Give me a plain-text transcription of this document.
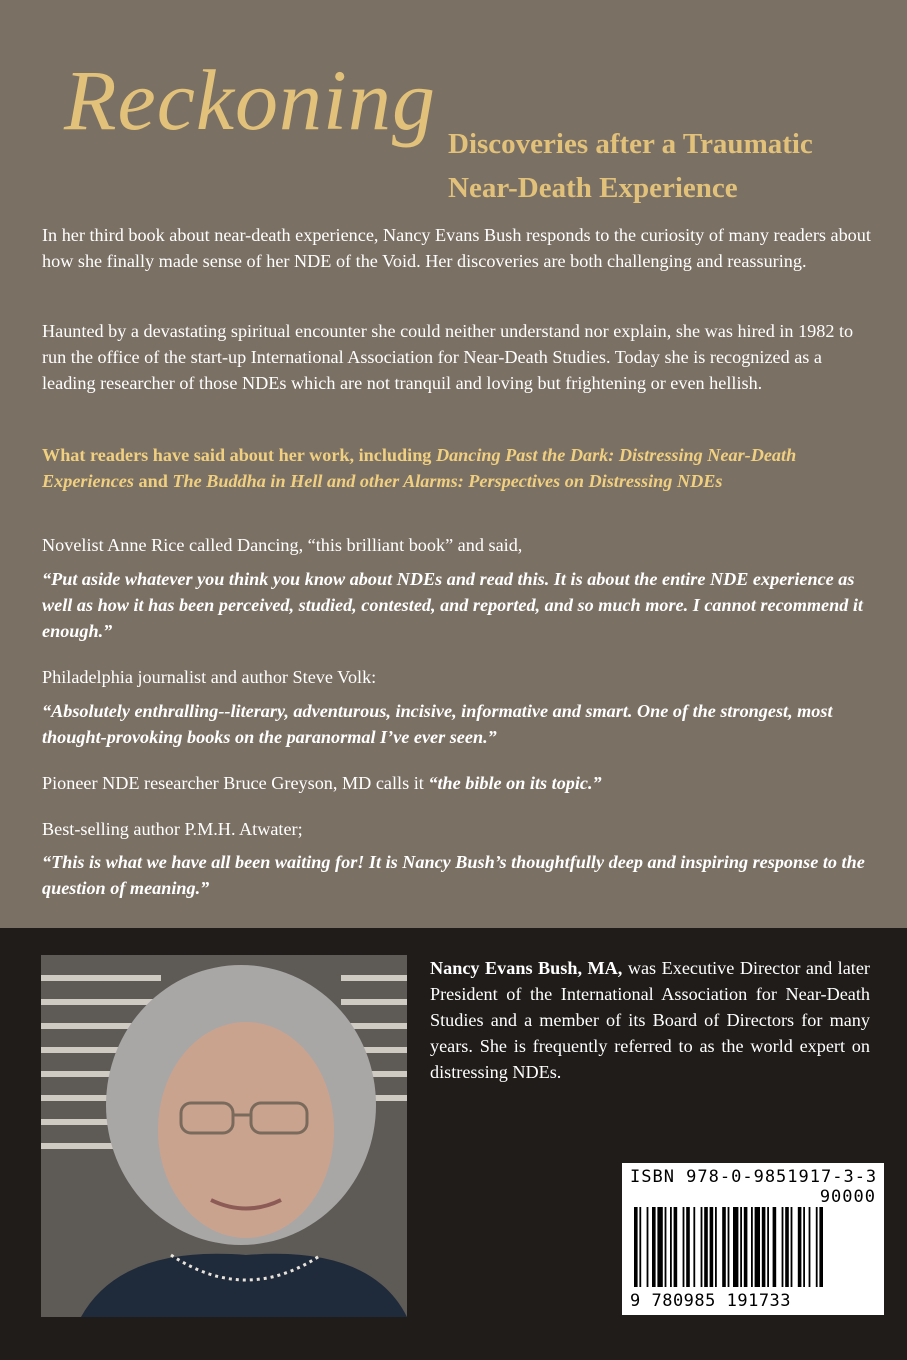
Reckoning Discoveries after a Traumatic
Near-Death Experience
In her third book about near-death experience, Nancy Evans Bush responds to the curiosity of many readers about how she finally made sense of her NDE of the Void. Her discoveries are both challenging and reassuring.
Haunted by a devastating spiritual encounter she could neither understand nor explain, she was hired in 1982 to run the office of the start-up International Association for Near-Death Studies. Today she is recognized as a leading researcher of those NDEs which are not tranquil and loving but frightening or even hellish.
What readers have said about her work, including Dancing Past the Dark: Distressing Near-Death Experiences and The Buddha in Hell and other Alarms: Perspectives on Distressing NDEs
Novelist Anne Rice called Dancing, “this brilliant book” and said,
“Put aside whatever you think you know about NDEs and read this. It is about the entire NDE experience as well as how it has been perceived, studied, contested, and reported, and so much more. I cannot recommend it enough.”
Philadelphia journalist and author Steve Volk:
“Absolutely enthralling--literary, adventurous, incisive, informative and smart. One of the strongest, most thought-provoking books on the paranormal I’ve ever seen.”
Pioneer NDE researcher Bruce Greyson, MD calls it “the bible on its topic.”
Best-selling author P.M.H. Atwater;
“This is what we have all been waiting for! It is Nancy Bush’s thoughtfully deep and inspiring response to the question of meaning.”
Nancy Evans Bush, MA, was Executive Director and later President of the International Association for Near-Death Studies and a member of its Board of Directors for many years. She is frequently referred to as the world expert on distressing NDEs.
ISBN 978-0-9851917-3-3
90000
9 780985 191733
